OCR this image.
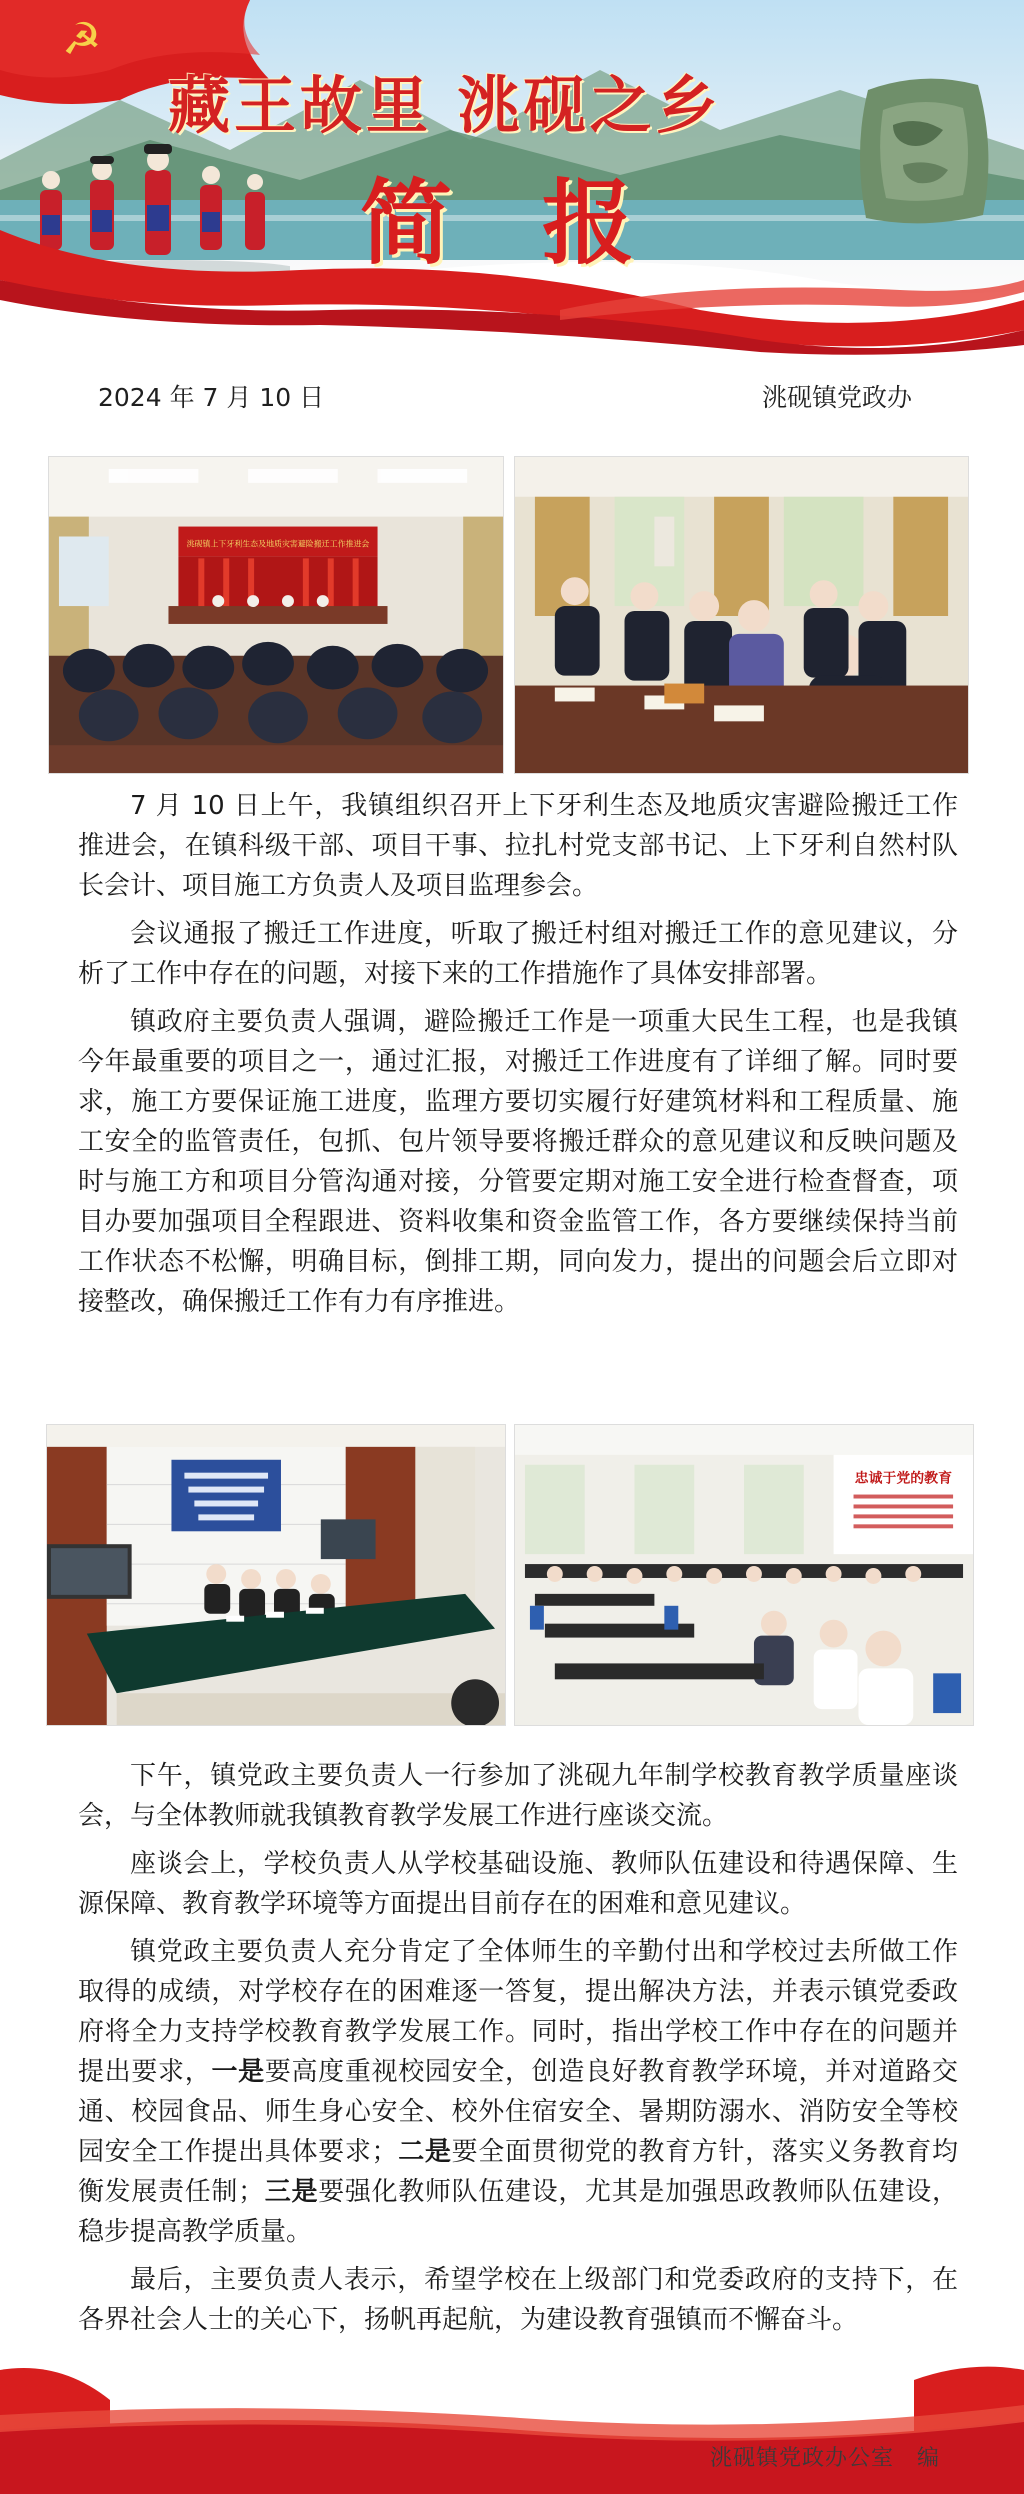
☭
藏王故里 洮砚之乡
简报
2024 年 7 月 10 日	洮砚镇党政办
洮砚镇上下牙利生态及地质灾害避险搬迁工作推进会

7 月 10 日上午，我镇组织召开上下牙利生态及地质灾害避险搬迁工作推进会，在镇科级干部、项目干事、拉扎村党支部书记、上下牙利自然村队长会计、项目施工方负责人及项目监理参会。

会议通报了搬迁工作进度，听取了搬迁村组对搬迁工作的意见建议，分析了工作中存在的问题，对接下来的工作措施作了具体安排部署。

镇政府主要负责人强调，避险搬迁工作是一项重大民生工程，也是我镇今年最重要的项目之一，通过汇报，对搬迁工作进度有了详细了解。同时要求，施工方要保证施工进度，监理方要切实履行好建筑材料和工程质量、施工安全的监管责任，包抓、包片领导要将搬迁群众的意见建议和反映问题及时与施工方和项目分管沟通对接，分管要定期对施工安全进行检查督查，项目办要加强项目全程跟进、资料收集和资金监管工作，各方要继续保持当前工作状态不松懈，明确目标，倒排工期，同向发力，提出的问题会后立即对接整改，确保搬迁工作有力有序推进。

忠诚于党的教育

下午，镇党政主要负责人一行参加了洮砚九年制学校教育教学质量座谈会，与全体教师就我镇教育教学发展工作进行座谈交流。

座谈会上，学校负责人从学校基础设施、教师队伍建设和待遇保障、生源保障、教育教学环境等方面提出目前存在的困难和意见建议。

镇党政主要负责人充分肯定了全体师生的辛勤付出和学校过去所做工作取得的成绩，对学校存在的困难逐一答复，提出解决方法，并表示镇党委政府将全力支持学校教育教学发展工作。同时，指出学校工作中存在的问题并提出要求，一是要高度重视校园安全，创造良好教育教学环境，并对道路交通、校园食品、师生身心安全、校外住宿安全、暑期防溺水、消防安全等校园安全工作提出具体要求；二是要全面贯彻党的教育方针，落实义务教育均衡发展责任制；三是要强化教师队伍建设，尤其是加强思政教师队伍建设，稳步提高教学质量。

最后，主要负责人表示，希望学校在上级部门和党委政府的支持下，在各界社会人士的关心下，扬帆再起航，为建设教育强镇而不懈奋斗。

洮砚镇党政办公室　编
